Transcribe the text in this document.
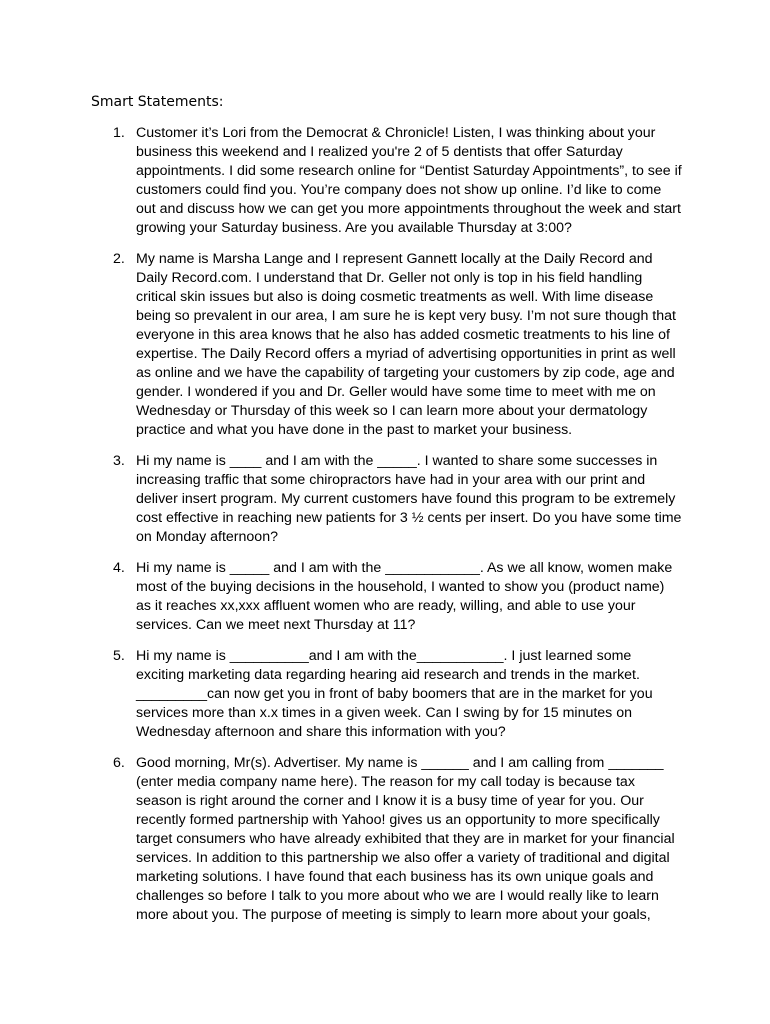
Smart Statements:
1. Customer it’s Lori from the Democrat & Chronicle! Listen, I was thinking about your business this weekend and I realized you're 2 of 5 dentists that offer Saturday appointments. I did some research online for “Dentist Saturday Appointments”, to see if customers could find you. You’re company does not show up online. I’d like to come out and discuss how we can get you more appointments throughout the week and start growing your Saturday business. Are you available Thursday at 3:00?
2. My name is Marsha Lange and I represent Gannett locally at the Daily Record and Daily Record.com. I understand that Dr. Geller not only is top in his field handling critical skin issues but also is doing cosmetic treatments as well. With lime disease being so prevalent in our area, I am sure he is kept very busy. I’m not sure though that everyone in this area knows that he also has added cosmetic treatments to his line of expertise. The Daily Record offers a myriad of advertising opportunities in print as well as online and we have the capability of targeting your customers by zip code, age and gender. I wondered if you and Dr. Geller would have some time to meet with me on Wednesday or Thursday of this week so I can learn more about your dermatology practice and what you have done in the past to market your business.
3. Hi my name is ____ and I am with the _____. I wanted to share some successes in increasing traffic that some chiropractors have had in your area with our print and deliver insert program. My current customers have found this program to be extremely cost effective in reaching new patients for 3 ½ cents per insert. Do you have some time on Monday afternoon?
4. Hi my name is _____ and I am with the ____________. As we all know, women make most of the buying decisions in the household, I wanted to show you (product name) as it reaches xx,xxx affluent women who are ready, willing, and able to use your services. Can we meet next Thursday at 11?
5. Hi my name is __________and I am with the___________. I just learned some exciting marketing data regarding hearing aid research and trends in the market. _________can now get you in front of baby boomers that are in the market for you services more than x.x times in a given week. Can I swing by for 15 minutes on Wednesday afternoon and share this information with you?
6. Good morning, Mr(s). Advertiser. My name is ______ and I am calling from _______ (enter media company name here). The reason for my call today is because tax season is right around the corner and I know it is a busy time of year for you. Our recently formed partnership with Yahoo! gives us an opportunity to more specifically target consumers who have already exhibited that they are in market for your financial services. In addition to this partnership we also offer a variety of traditional and digital marketing solutions. I have found that each business has its own unique goals and challenges so before I talk to you more about who we are I would really like to learn more about you. The purpose of meeting is simply to learn more about your goals,
